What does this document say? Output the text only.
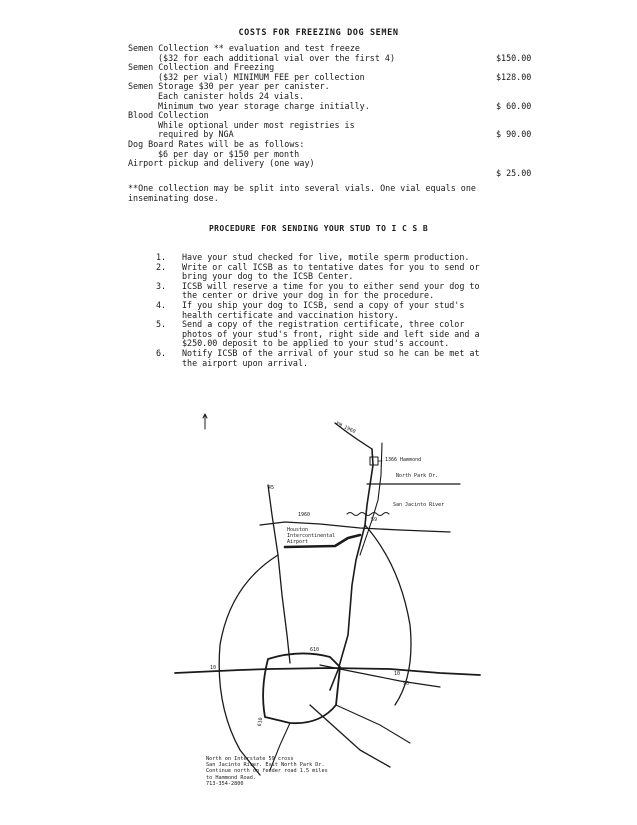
COSTS FOR FREEZING DOG SEMEN
Semen Collection ** evaluation and test freeze
($32 for each additional vial over the first 4)	$150.00
Semen Collection and Freezing
($32 per vial) MINIMUM FEE per collection	$128.00
Semen Storage $30 per year per canister.
Each canister holds 24 vials.
Minimum two year storage charge initially.	$ 60.00
Blood Collection
While optional under most registries is
required by NGA	$ 90.00
Dog Board Rates will be as follows:
$6 per day or $150 per month
Airport pickup and delivery (one way)
$ 25.00
**One collection may be split into several vials. One vial equals one
inseminating dose.
PROCEDURE FOR SENDING YOUR STUD TO I C S B
1. Have your stud checked for live, motile sperm production.
2. Write or call ICSB as to tentative dates for you to send or
bring your dog to the ICSB Center.
3. ICSB will reserve a time for you to either send your dog to
the center or drive your dog in for the procedure.
4. If you ship your dog to ICSB, send a copy of your stud's
health certificate and vaccination history.
5. Send a copy of the registration certificate, three color
photos of your stud's front, right side and left side and a
$250.00 deposit to be applied to your stud's account.
6. Notify ICSB of the arrival of your stud so he can be met at
the airport upon arrival.
FM 1960
1366 Hammond
North Park Dr.
San Jacinto River
1960
Houston
Intercontinental
Airport
59
45
610
10
10
90
610
North on Interstate 59 cross
San Jacinto River. Exit North Park Dr.
Continue north on feeder road 1.5 miles
to Hammond Road.
713-354-2800
